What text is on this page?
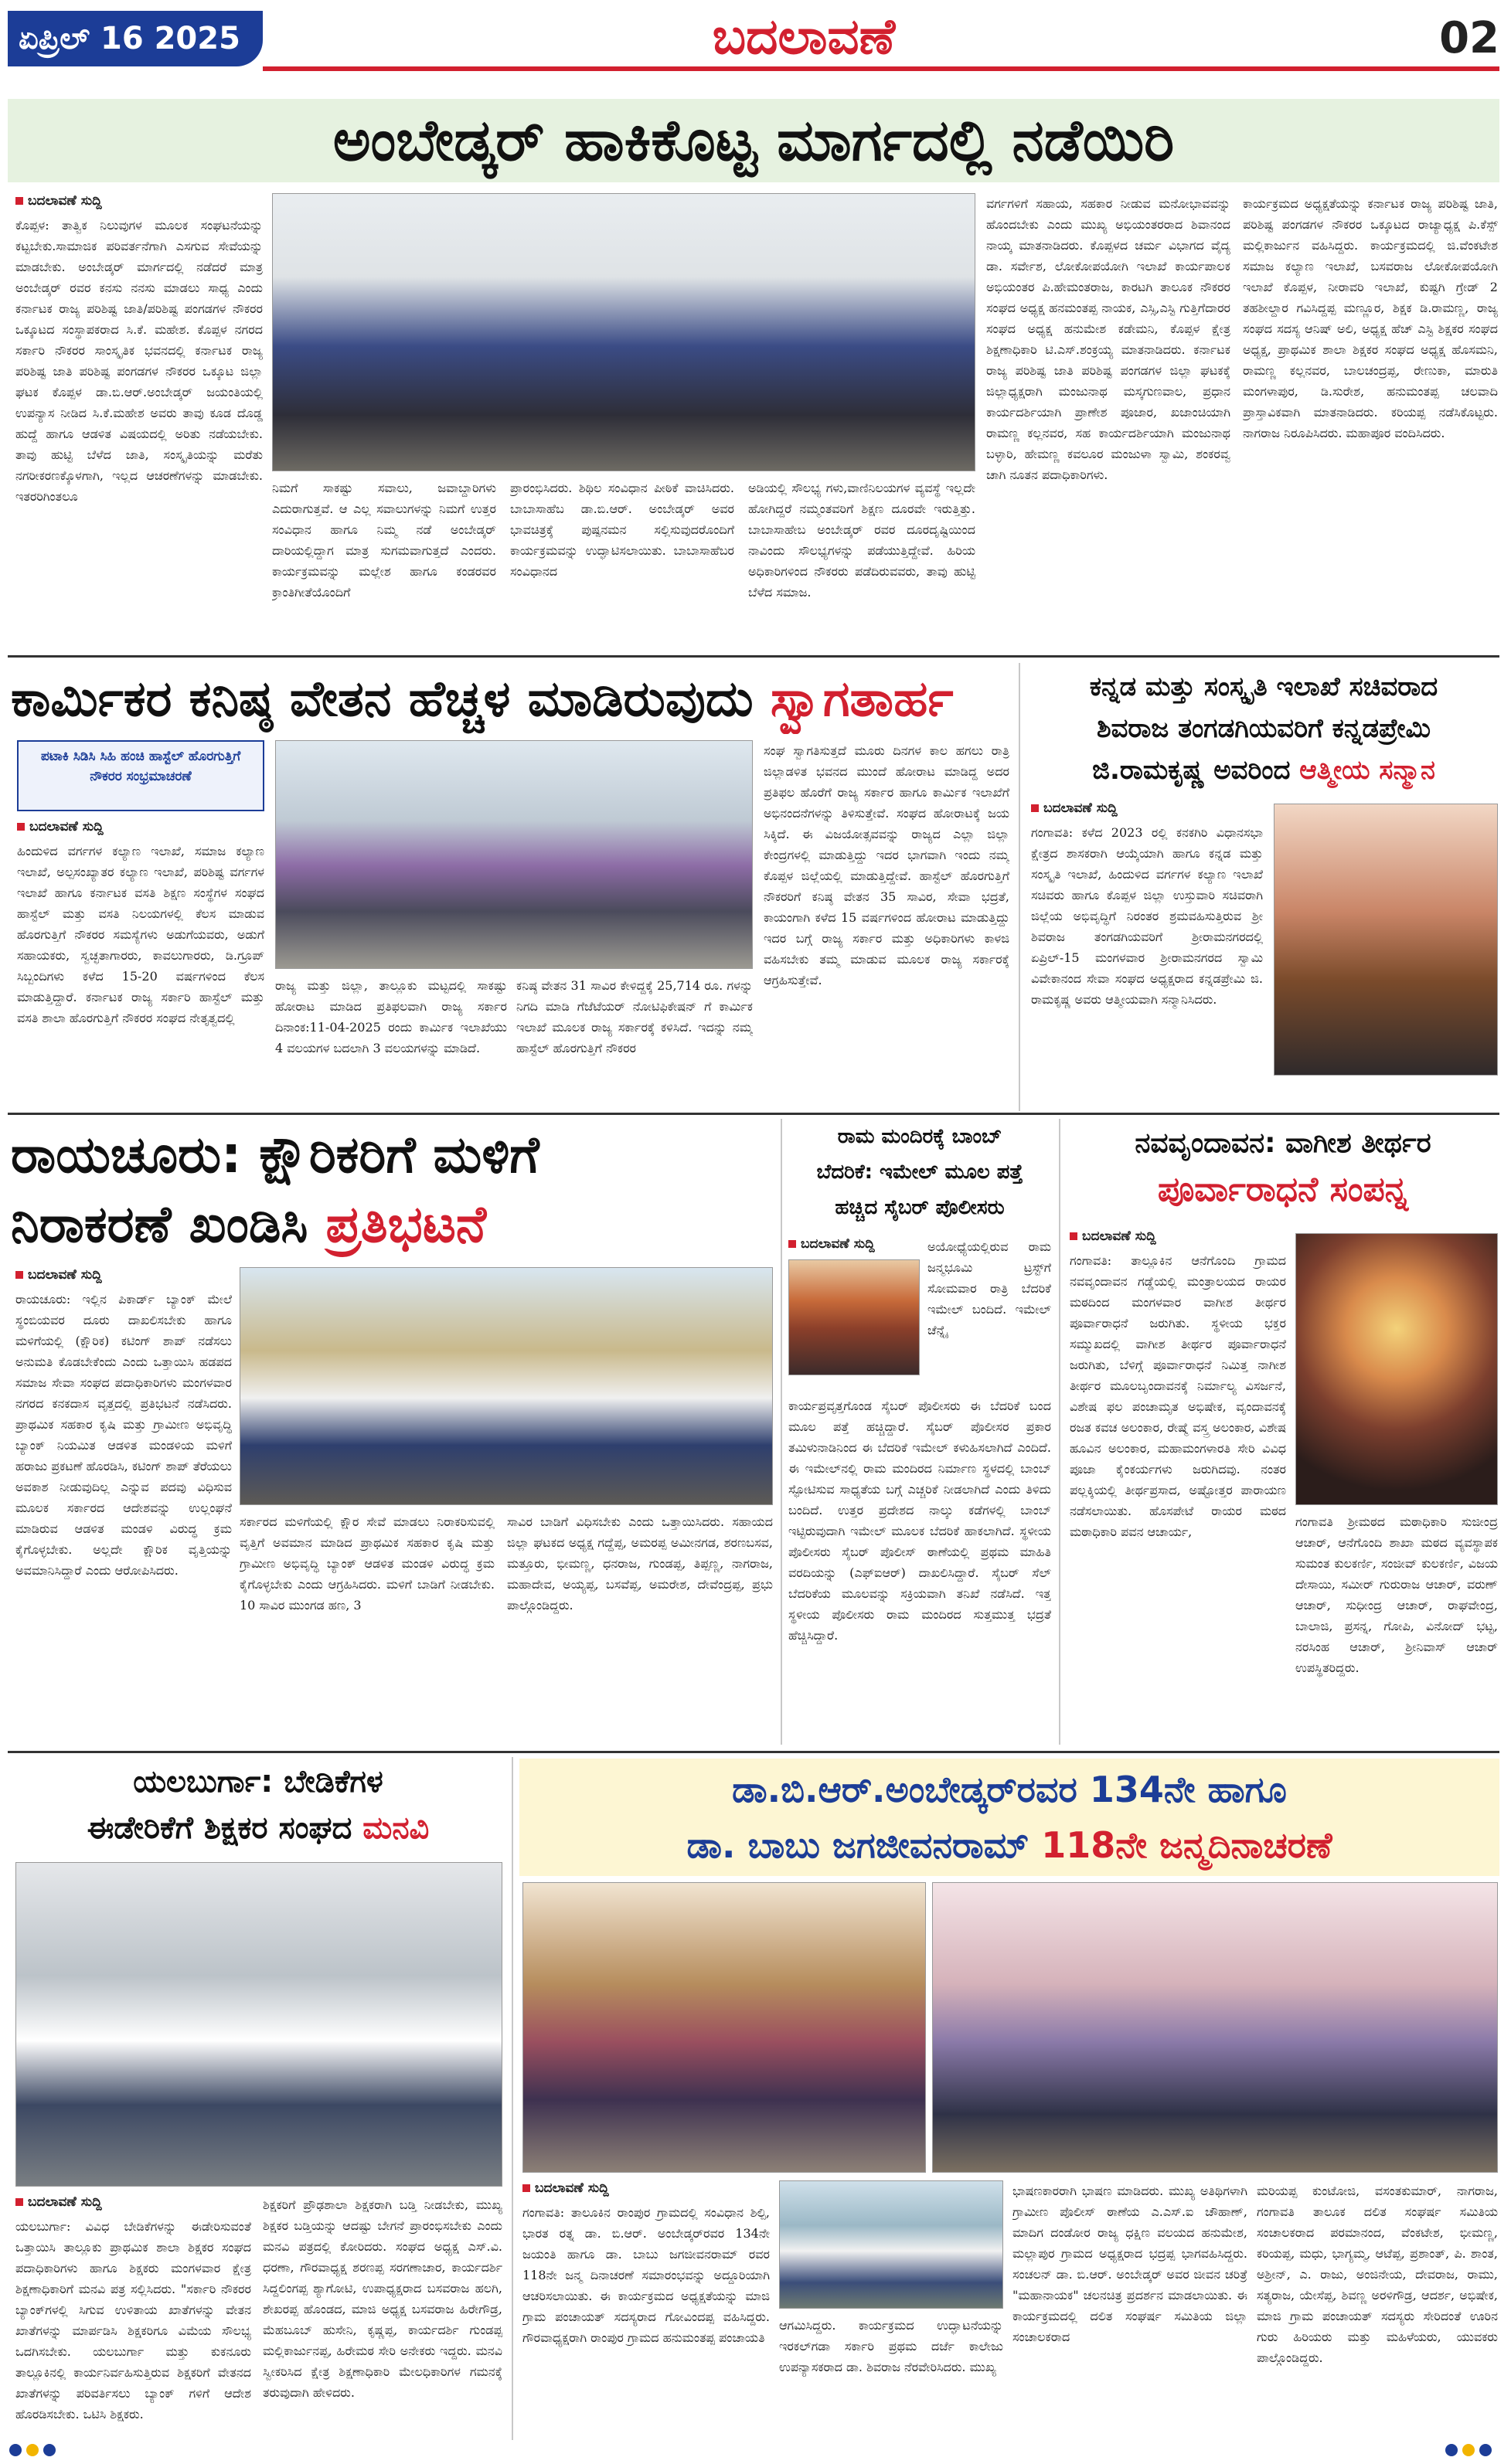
ಏಪ್ರಿಲ್ 16 2025	ಬದಲಾವಣೆ	02
ಅಂಬೇಡ್ಕರ್ ಹಾಕಿಕೊಟ್ಟ ಮಾರ್ಗದಲ್ಲಿ ನಡೆಯಿರಿ
ಬದಲಾವಣೆ ಸುದ್ದಿ
ಕೊಪ್ಪಳ: ತಾತ್ವಿಕ ನಿಲುವುಗಳ ಮೂಲಕ ಸಂಘಟನೆಯನ್ನು ಕಟ್ಟಬೇಕು.ಸಾಮಾಜಿಕ ಪರಿವರ್ತನೆಗಾಗಿ ಎಸಗುವ ಸೇವೆಯನ್ನು ಮಾಡಬೇಕು. ಅಂಬೇಡ್ಕರ್ ಮಾರ್ಗದಲ್ಲಿ ನಡೆದರೆ ಮಾತ್ರ ಅಂಬೇಡ್ಕರ್ ರವರ ಕನಸು ನನಸು ಮಾಡಲು ಸಾಧ್ಯ ಎಂದು ಕರ್ನಾಟಕ ರಾಜ್ಯ ಪರಿಶಿಷ್ಟ ಜಾತಿ/ಪರಿಶಿಷ್ಟ ಪಂಗಡಗಳ ನೌಕರರ ಒಕ್ಕೂಟದ ಸಂಸ್ಥಾಪಕರಾದ ಸಿ.ಕೆ. ಮಹೇಶ. ಕೊಪ್ಪಳ ನಗರದ ಸರ್ಕಾರಿ ನೌಕರರ ಸಾಂಸ್ಕೃತಿಕ ಭವನದಲ್ಲಿ ಕರ್ನಾಟಕ ರಾಜ್ಯ ಪರಿಶಿಷ್ಟ ಜಾತಿ ಪರಿಶಿಷ್ಟ ಪಂಗಡಗಳ ನೌಕರರ ಒಕ್ಕೂಟ ಜಿಲ್ಲಾ ಘಟಕ ಕೊಪ್ಪಳ ಡಾ.ಬಿ.ಆರ್.ಅಂಬೇಡ್ಕರ್ ಜಯಂತಿಯಲ್ಲಿ ಉಪನ್ಯಾಸ ನೀಡಿದ ಸಿ.ಕೆ.ಮಹೇಶ ಅವರು ತಾವು ಕೂಡ ದೊಡ್ಡ ಹುದ್ದೆ ಹಾಗೂ ಆಡಳಿತ ವಿಷಯದಲ್ಲಿ ಅರಿತು ನಡೆಯಬೇಕು. ತಾವು ಹುಟ್ಟಿ ಬೆಳೆದ ಜಾತಿ, ಸಂಸ್ಕೃತಿಯನ್ನು ಮರೆತು ನಗರೀಕರಣಕ್ಕೊಳಗಾಗಿ, ಇಲ್ಲದ ಆಚರಣೆಗಳನ್ನು ಮಾಡಬೇಕು. ಇತರರಿಗಿಂತಲೂ
ನಿಮಗೆ ಸಾಕಷ್ಟು ಸವಾಲು, ಜವಾಬ್ದಾರಿಗಳು ಎದುರಾಗುತ್ತವೆ. ಆ ಎಲ್ಲ ಸವಾಲುಗಳನ್ನು ನಿಮಗೆ ಉತ್ತರ ಸಂವಿಧಾನ ಹಾಗೂ ನಿಮ್ಮ ನಡೆ ಅಂಬೇಡ್ಕರ್ ದಾರಿಯಲ್ಲಿದ್ದಾಗ ಮಾತ್ರ ಸುಗಮವಾಗುತ್ತದೆ ಎಂದರು. ಕಾರ್ಯಕ್ರಮವನ್ನು ಮಲ್ಲೇಶ ಹಾಗೂ ಕಂಡರವರ ಕ್ರಾಂತಿಗೀತೆಯೊಂದಿಗೆ
ಪ್ರಾರಂಭಿಸಿದರು. ಶಿಥಿಲ ಸಂವಿಧಾನ ಪೀಠಿಕೆ ವಾಚಿಸಿದರು. ಬಾಬಾಸಾಹೆಬ ಡಾ.ಬಿ.ಆರ್. ಅಂಬೇಡ್ಕರ್ ಅವರ ಭಾವಚಿತ್ರಕ್ಕೆ ಪುಷ್ಪನಮನ ಸಲ್ಲಿಸುವುದರೊಂದಿಗೆ ಕಾರ್ಯಕ್ರಮವನ್ನು ಉದ್ಘಾಟಿಸಲಾಯಿತು. ಬಾಬಾಸಾಹೆಬರ ಸಂವಿಧಾನದ
ಅಡಿಯಲ್ಲಿ ಸೌಲಭ್ಯ ಗಳು,ವಾಣಿನಿಲಯಗಳ ವ್ಯವಸ್ಥೆ ಇಲ್ಲದೇ ಹೋಗಿದ್ದರೆ ನಮ್ಮಂತವರಿಗೆ ಶಿಕ್ಷಣ ದೂರವೇ ಇರುತ್ತಿತ್ತು. ಬಾಬಾಸಾಹೇಬ ಅಂಬೇಡ್ಕರ್ ರವರ ದೂರದೃಷ್ಟಿಯಿಂದ ನಾವಿಂದು ಸೌಲಭ್ಯಗಳನ್ನು ಪಡೆಯುತ್ತಿದ್ದೇವೆ. ಹಿರಿಯ ಅಧಿಕಾರಿಗಳಿಂದ ನೌಕರರು ಪಡೆದಿರುವವರು, ತಾವು ಹುಟ್ಟಿ ಬೆಳೆದ ಸಮಾಜ.
ವರ್ಗಗಳಿಗೆ ಸಹಾಯ, ಸಹಕಾರ ನೀಡುವ ಮನೋಭಾವವನ್ನು ಹೊಂದಬೇಕು ಎಂದು ಮುಖ್ಯ ಅಭಿಯಂತರರಾದ ಶಿವಾನಂದ ನಾಯ್ಕ ಮಾತನಾಡಿದರು. ಕೊಪ್ಪಳದ ಚರ್ಮ ವಿಭಾಗದ ವೈದ್ಯ ಡಾ. ಸರ್ವೇಶ, ಲೋಕೋಪಯೋಗಿ ಇಲಾಖೆ ಕಾರ್ಯಪಾಲಕ ಅಭಿಯಂತರ ಪಿ.ಹೇಮಂತರಾಜ, ಕಾರಟಗಿ ತಾಲೂಕ ನೌಕರರ ಸಂಘದ ಅಧ್ಯಕ್ಷ ಹನಮಂತಪ್ಪ ನಾಯಕ, ಎಸ್ಸಿ,ಎಸ್ಟಿ ಗುತ್ತಿಗೆದಾರರ ಸಂಘದ ಅಧ್ಯಕ್ಷ ಹನುಮೇಶ ಕಡೇಮನಿ, ಕೊಪ್ಪಳ ಕ್ಷೇತ್ರ ಶಿಕ್ಷಣಾಧಿಕಾರಿ ಟಿ.ಎಸ್.ಶಂಕ್ರಯ್ಯ ಮಾತನಾಡಿದರು. ಕರ್ನಾಟಕ ರಾಜ್ಯ ಪರಿಶಿಷ್ಟ ಜಾತಿ ಪರಿಶಿಷ್ಟ ಪಂಗಡಗಳ ಜಿಲ್ಲಾ ಘಟಕಕ್ಕೆ ಜಿಲ್ಲಾಧ್ಯಕ್ಷರಾಗಿ ಮಂಜುನಾಥ ಮಸ್ಕಗುಣವಾಲ, ಪ್ರಧಾನ ಕಾರ್ಯದರ್ಶಿಯಾಗಿ ಪ್ರಾಣೇಶ ಪೂಜಾರ, ಖಜಾಂಚಿಯಾಗಿ ರಾಮಣ್ಣ ಕಲ್ಲನವರ, ಸಹ ಕಾರ್ಯದರ್ಶಿಯಾಗಿ ಮಂಜುನಾಥ ಬಳ್ಳಾರಿ, ಹೇಮಣ್ಣ ಕವಲೂರ ಮಂಜುಳಾ ಸ್ವಾಮಿ, ಶಂಕರವ್ವ ಚಾಗಿ ನೂತನ ಪದಾಧಿಕಾರಿಗಳು.
ಕಾರ್ಯಕ್ರಮದ ಅಧ್ಯಕ್ಷತೆಯನ್ನು ಕರ್ನಾಟಕ ರಾಜ್ಯ ಪರಿಶಿಷ್ಟ ಜಾತಿ, ಪರಿಶಿಷ್ಟ ಪಂಗಡಗಳ ನೌಕರರ ಒಕ್ಕೂಟದ ರಾಜ್ಯಾಧ್ಯಕ್ಷ ಪಿ.ಕೆಸ್ಪ್ ಮಲ್ಲಿಕಾರ್ಜುನ ವಹಿಸಿದ್ದರು. ಕಾರ್ಯಕ್ರಮದಲ್ಲಿ ಜಿ.ವೆಂಕಟೇಶ ಸಮಾಜ ಕಲ್ಯಾಣ ಇಲಾಖೆ, ಬಸವರಾಜ ಲೋಕೋಪಯೋಗಿ ಇಲಾಖೆ ಕೊಪ್ಪಳ, ನೀರಾವರಿ ಇಲಾಖೆ, ಕುಷ್ಟಗಿ ಗ್ರೇಡ್ 2 ತಹಶೀಲ್ದಾರ ಗವಿಸಿದ್ದಪ್ಪ ಮಣ್ಣೂರ, ಶಿಕ್ಷಕ ಡಿ.ರಾಮಣ್ಣ, ರಾಜ್ಯ ಸಂಘದ ಸದಸ್ಯ ಆನಿಷ್ ಅಲಿ, ಅಧ್ಯಕ್ಷ ಹೆಚ್ ಎಸ್ಟಿ ಶಿಕ್ಷಕರ ಸಂಘದ ಅಧ್ಯಕ್ಷ, ಪ್ರಾಥಮಿಕ ಶಾಲಾ ಶಿಕ್ಷಕರ ಸಂಘದ ಅಧ್ಯಕ್ಷ ಹೊಸಮನಿ, ರಾಮಣ್ಣ ಕಲ್ಲನವರ, ಬಾಲಚಂದ್ರಪ್ಪ, ರೇಣುಕಾ, ಮಾರುತಿ ಮಂಗಳಾಪುರ, ಡಿ.ಸುರೇಶ, ಹನುಮಂತಪ್ಪ ಚಲವಾದಿ ಪ್ರಾಸ್ತಾವಿಕವಾಗಿ ಮಾತನಾಡಿದರು. ಕರಿಯಪ್ಪ ನಡೆಸಿಕೊಟ್ಟರು. ನಾಗರಾಜ ನಿರೂಪಿಸಿದರು. ಮಹಾಪೂರ ವಂದಿಸಿದರು.
ಕಾರ್ಮಿಕರ ಕನಿಷ್ಠ ವೇತನ ಹೆಚ್ಚಳ ಮಾಡಿರುವುದು ಸ್ವಾಗತಾರ್ಹ
ಪಟಾಕಿ ಸಿಡಿಸಿ ಸಿಹಿ ಹಂಚಿ ಹಾಸ್ಟೆಲ್ ಹೊರಗುತ್ತಿಗೆ ನೌಕರರ ಸಂಭ್ರಮಾಚರಣೆ
ಬದಲಾವಣೆ ಸುದ್ದಿ
ಹಿಂದುಳಿದ ವರ್ಗಗಳ ಕಲ್ಯಾಣ ಇಲಾಖೆ, ಸಮಾಜ ಕಲ್ಯಾಣ ಇಲಾಖೆ, ಅಲ್ಪಸಂಖ್ಯಾತರ ಕಲ್ಯಾಣ ಇಲಾಖೆ, ಪರಿಶಿಷ್ಟ ವರ್ಗಗಳ ಇಲಾಖೆ ಹಾಗೂ ಕರ್ನಾಟಕ ವಸತಿ ಶಿಕ್ಷಣ ಸಂಸ್ಥೆಗಳ ಸಂಘದ ಹಾಸ್ಟೆಲ್ ಮತ್ತು ವಸತಿ ನಿಲಯಗಳಲ್ಲಿ ಕೆಲಸ ಮಾಡುವ ಹೊರಗುತ್ತಿಗೆ ನೌಕರರ ಸಮಸ್ಯೆಗಳು ಅಡುಗೆಯವರು, ಅಡುಗೆ ಸಹಾಯಕರು, ಸ್ವಚ್ಛತಾಗಾರರು, ಕಾವಲುಗಾರರು, ಡಿ.ಗ್ರೂಪ್ ಸಿಬ್ಬಂದಿಗಳು ಕಳೆದ 15-20 ವರ್ಷಗಳಿಂದ ಕೆಲಸ ಮಾಡುತ್ತಿದ್ದಾರೆ. ಕರ್ನಾಟಕ ರಾಜ್ಯ ಸರ್ಕಾರಿ ಹಾಸ್ಟೆಲ್ ಮತ್ತು ವಸತಿ ಶಾಲಾ ಹೊರಗುತ್ತಿಗೆ ನೌಕರರ ಸಂಘದ ನೇತೃತ್ವದಲ್ಲಿ
ರಾಜ್ಯ ಮತ್ತು ಜಿಲ್ಲಾ, ತಾಲ್ಲೂಕು ಮಟ್ಟದಲ್ಲಿ ಸಾಕಷ್ಟು ಹೋರಾಟ ಮಾಡಿದ ಪ್ರತಿಫಲವಾಗಿ ರಾಜ್ಯ ಸರ್ಕಾರ ದಿನಾಂಕ:11-04-2025 ರಂದು ಕಾರ್ಮಿಕ ಇಲಾಖೆಯು 4 ವಲಯಗಳ ಬದಲಾಗಿ 3 ವಲಯಗಳನ್ನು ಮಾಡಿದೆ.
ಕನಿಷ್ಠ ವೇತನ 31 ಸಾವಿರ ಕೇಳಿದ್ದಕ್ಕೆ 25,714 ರೂ. ಗಳನ್ನು ನಿಗದಿ ಮಾಡಿ ಗೆಜೆಟೆಯರ್ ನೋಟಿಫಿಕೇಷನ್ ಗೆ ಕಾರ್ಮಿಕ ಇಲಾಖೆ ಮೂಲಕ ರಾಜ್ಯ ಸರ್ಕಾರಕ್ಕೆ ಕಳಿಸಿದೆ. ಇದನ್ನು ನಮ್ಮ ಹಾಸ್ಟೆಲ್ ಹೊರಗುತ್ತಿಗೆ ನೌಕರರ
ಸಂಘ ಸ್ವಾಗತಿಸುತ್ತದೆ ಮೂರು ದಿನಗಳ ಕಾಲ ಹಗಲು ರಾತ್ರಿ ಜಿಲ್ಲಾಡಳಿತ ಭವನದ ಮುಂದೆ ಹೋರಾಟ ಮಾಡಿದ್ದ ಅದರ ಪ್ರತಿಫಲ ಹೊರೆಗೆ ರಾಜ್ಯ ಸರ್ಕಾರ ಹಾಗೂ ಕಾರ್ಮಿಕ ಇಲಾಖೆಗೆ ಅಭಿನಂದನೆಗಳನ್ನು ತಿಳಿಸುತ್ತೇವೆ. ಸಂಘದ ಹೋರಾಟಕ್ಕೆ ಜಯ ಸಿಕ್ಕಿದೆ. ಈ ವಿಜಯೋತ್ಸವವನ್ನು ರಾಜ್ಯದ ಎಲ್ಲಾ ಜಿಲ್ಲಾ ಕೇಂದ್ರಗಳಲ್ಲಿ ಮಾಡುತ್ತಿದ್ದು ಇದರ ಭಾಗವಾಗಿ ಇಂದು ನಮ್ಮ ಕೊಪ್ಪಳ ಜಿಲ್ಲೆಯಲ್ಲಿ ಮಾಡುತ್ತಿದ್ದೇವೆ. ಹಾಸ್ಟೆಲ್ ಹೊರಗುತ್ತಿಗೆ ನೌಕರರಿಗೆ ಕನಿಷ್ಠ ವೇತನ 35 ಸಾವಿರ, ಸೇವಾ ಭದ್ರತೆ, ಕಾಯಂಗಾಗಿ ಕಳೆದ 15 ವರ್ಷಗಳಿಂದ ಹೋರಾಟ ಮಾಡುತ್ತಿದ್ದು ಇದರ ಬಗ್ಗೆ ರಾಜ್ಯ ಸರ್ಕಾರ ಮತ್ತು ಅಧಿಕಾರಿಗಳು ಕಾಳಜಿ ವಹಿಸಬೇಕು ತಮ್ಮ ಮಾಡುವ ಮೂಲಕ ರಾಜ್ಯ ಸರ್ಕಾರಕ್ಕೆ ಆಗ್ರಹಿಸುತ್ತೇವೆ.
ಕನ್ನಡ ಮತ್ತು ಸಂಸ್ಕೃತಿ ಇಲಾಖೆ ಸಚಿವರಾದ
ಶಿವರಾಜ ತಂಗಡಗಿಯವರಿಗೆ ಕನ್ನಡಪ್ರೇಮಿ
ಜಿ.ರಾಮಕೃಷ್ಣ ಅವರಿಂದ ಆತ್ಮೀಯ ಸನ್ಮಾನ
ಬದಲಾವಣೆ ಸುದ್ದಿ
ಗಂಗಾವತಿ: ಕಳೆದ 2023 ರಲ್ಲಿ ಕನಕಗಿರಿ ವಿಧಾನಸಭಾ ಕ್ಷೇತ್ರದ ಶಾಸಕರಾಗಿ ಆಯ್ಕೆಯಾಗಿ ಹಾಗೂ ಕನ್ನಡ ಮತ್ತು ಸಂಸ್ಕೃತಿ ಇಲಾಖೆ, ಹಿಂದುಳಿದ ವರ್ಗಗಳ ಕಲ್ಯಾಣ ಇಲಾಖೆ ಸಚಿವರು ಹಾಗೂ ಕೊಪ್ಪಳ ಜಿಲ್ಲಾ ಉಸ್ತುವಾರಿ ಸಚಿವರಾಗಿ ಜಿಲ್ಲೆಯ ಅಭಿವೃದ್ಧಿಗೆ ನಿರಂತರ ಶ್ರಮವಹಿಸುತ್ತಿರುವ ಶ್ರೀ ಶಿವರಾಜ ತಂಗಡಗಿಯವರಿಗೆ ಶ್ರೀರಾಮನಗರದಲ್ಲಿ ಏಪ್ರಿಲ್-15 ಮಂಗಳವಾರ ಶ್ರೀರಾಮನಗರದ ಸ್ವಾಮಿ ವಿವೇಕಾನಂದ ಸೇವಾ ಸಂಘದ ಅಧ್ಯಕ್ಷರಾದ ಕನ್ನಡಪ್ರೇಮಿ ಜಿ. ರಾಮಕೃಷ್ಣ ಅವರು ಆತ್ಮೀಯವಾಗಿ ಸನ್ಮಾನಿಸಿದರು.
ರಾಯಚೂರು: ಕ್ಷೌರಿಕರಿಗೆ ಮಳಿಗೆ
ನಿರಾಕರಣೆ ಖಂಡಿಸಿ ಪ್ರತಿಭಟನೆ
ಬದಲಾವಣೆ ಸುದ್ದಿ
ರಾಯಚೂರು: ಇಲ್ಲಿನ ಪಿಕಾರ್ಡ್ ಬ್ಯಾಂಕ್ ಮೇಲೆ ಸ್ಥಂಬಿಯವರ ದೂರು ದಾಖಲಿಸಬೇಕು ಹಾಗೂ ಮಳಿಗೆಯಲ್ಲಿ (ಕ್ಷೌರಿಕ) ಕಟಿಂಗ್ ಶಾಪ್ ನಡೆಸಲು ಅನುಮತಿ ಕೊಡಬೇಕೆಂದು ಎಂದು ಒತ್ತಾಯಿಸಿ ಹಡಪದ ಸಮಾಜ ಸೇವಾ ಸಂಘದ ಪದಾಧಿಕಾರಿಗಳು ಮಂಗಳವಾರ ನಗರದ ಕನಕದಾಸ ವೃತ್ತದಲ್ಲಿ ಪ್ರತಿಭಟನೆ ನಡೆಸಿದರು. ಪ್ರಾಥಮಿಕ ಸಹಕಾರ ಕೃಷಿ ಮತ್ತು ಗ್ರಾಮೀಣ ಅಭಿವೃದ್ಧಿ ಬ್ಯಾಂಕ್ ನಿಯಮಿತ ಆಡಳಿತ ಮಂಡಳಿಯ ಮಳಿಗೆ ಹರಾಜು ಪ್ರಕಟಣೆ ಹೊರಡಿಸಿ, ಕಟಿಂಗ್ ಶಾಪ್ ತೆರೆಯಲು ಅವಕಾಶ ನೀಡುವುದಿಲ್ಲ ಎನ್ನುವ ಪದವು ವಿಧಿಸುವ ಮೂಲಕ ಸರ್ಕಾರದ ಆದೇಶವನ್ನು ಉಲ್ಲಂಘನೆ ಮಾಡಿರುವ ಆಡಳಿತ ಮಂಡಳಿ ವಿರುದ್ಧ ಕ್ರಮ ಕೈಗೊಳ್ಳಬೇಕು. ಅಲ್ಲದೇ ಕ್ಷೌರಿಕ ವೃತ್ತಿಯನ್ನು ಅವಮಾನಿಸಿದ್ದಾರೆ ಎಂದು ಆರೋಪಿಸಿದರು.
ಸರ್ಕಾರದ ಮಳಿಗೆಯಲ್ಲಿ ಕ್ಷೌರ ಸೇವೆ ಮಾಡಲು ನಿರಾಕರಿಸುವಲ್ಲಿ ವೃತ್ತಿಗೆ ಅವಮಾನ ಮಾಡಿದ ಪ್ರಾಥಮಿಕ ಸಹಕಾರ ಕೃಷಿ ಮತ್ತು ಗ್ರಾಮೀಣ ಅಭಿವೃದ್ಧಿ ಬ್ಯಾಂಕ್ ಆಡಳಿತ ಮಂಡಳಿ ವಿರುದ್ಧ ಕ್ರಮ ಕೈಗೊಳ್ಳಬೇಕು ಎಂದು ಆಗ್ರಹಿಸಿದರು. ಮಳಿಗೆ ಬಾಡಿಗೆ ನೀಡಬೇಕು. 10 ಸಾವಿರ ಮುಂಗಡ ಹಣ, 3
ಸಾವಿರ ಬಾಡಿಗೆ ವಿಧಿಸಬೇಕು ಎಂದು ಒತ್ತಾಯಿಸಿದರು. ಸಹಾಯದ ಜಿಲ್ಲಾ ಘಟಕದ ಅಧ್ಯಕ್ಷ ಗದ್ದೆಪ್ಪ, ಅಮರಪ್ಪ ಅಮೀನಗಡ, ಶರಣಬಸವ, ಮತ್ತೂರು, ಭೀಮಣ್ಣ, ಧನರಾಜ, ಗುಂಡಪ್ಪ, ತಿಪ್ಪಣ್ಣ, ನಾಗರಾಜ, ಮಹಾದೇವ, ಅಯ್ಯಪ್ಪ, ಬಸವೆಪ್ಪ, ಅಮರೇಶ, ದೇವೆಂದ್ರಪ್ಪ, ಪ್ರಭು ಪಾಲ್ಗೊಂಡಿದ್ದರು.
ರಾಮ ಮಂದಿರಕ್ಕೆ ಬಾಂಬ್
ಬೆದರಿಕೆ: ಇಮೇಲ್ ಮೂಲ ಪತ್ತೆ
ಹಚ್ಚಿದ ಸೈಬರ್ ಪೊಲೀಸರು
ಬದಲಾವಣೆ ಸುದ್ದಿ	ಅಯೋಧ್ಯೆಯಲ್ಲಿರುವ ರಾಮ ಜನ್ಮಭೂಮಿ ಟ್ರಸ್ಟ್‌ಗೆ ಸೋಮವಾರ ರಾತ್ರಿ ಬೆದರಿಕೆ ಇಮೇಲ್ ಬಂದಿದೆ. ಇಮೇಲ್ ಚೆನ್ನೈ
ಕಾರ್ಯಪ್ರವೃತ್ತಗೊಂಡ ಸೈಬರ್ ಪೊಲೀಸರು ಈ ಬೆದರಿಕೆ ಬಂದ ಮೂಲ ಪತ್ತೆ ಹಚ್ಚಿದ್ದಾರೆ. ಸೈಬರ್ ಪೊಲೀಸರ ಪ್ರಕಾರ ತಮಿಳುನಾಡಿನಿಂದ ಈ ಬೆದರಿಕೆ ಇಮೇಲ್ ಕಳುಹಿಸಲಾಗಿದೆ ಎಂದಿದೆ. ಈ ಇಮೇಲ್‌ನಲ್ಲಿ ರಾಮ ಮಂದಿರದ ನಿರ್ಮಾಣ ಸ್ಥಳದಲ್ಲಿ ಬಾಂಬ್ ಸ್ಫೋಟಿಸುವ ಸಾಧ್ಯತೆಯ ಬಗ್ಗೆ ಎಚ್ಚರಿಕೆ ನೀಡಲಾಗಿದೆ ಎಂದು ತಿಳಿದು ಬಂದಿದೆ. ಉತ್ತರ ಪ್ರದೇಶದ ನಾಲ್ಕು ಕಡೆಗಳಲ್ಲಿ ಬಾಂಬ್ ಇಟ್ಟಿರುವುದಾಗಿ ಇಮೇಲ್ ಮೂಲಕ ಬೆದರಿಕೆ ಹಾಕಲಾಗಿದೆ. ಸ್ಥಳೀಯ ಪೊಲೀಸರು ಸೈಬರ್ ಪೊಲೀಸ್ ಠಾಣೆಯಲ್ಲಿ ಪ್ರಥಮ ಮಾಹಿತಿ ವರದಿಯನ್ನು (ಎಫ್ಐಆರ್) ದಾಖಲಿಸಿದ್ದಾರೆ. ಸೈಬರ್ ಸೆಲ್ ಬೆದರಿಕೆಯ ಮೂಲವನ್ನು ಸಕ್ರಿಯವಾಗಿ ತನಿಖೆ ನಡೆಸಿದೆ. ಇತ್ತ ಸ್ಥಳೀಯ ಪೊಲೀಸರು ರಾಮ ಮಂದಿರದ ಸುತ್ತಮುತ್ತ ಭದ್ರತೆ ಹೆಚ್ಚಿಸಿದ್ದಾರೆ.
ನವವೃಂದಾವನ: ವಾಗೀಶ ತೀರ್ಥರ
ಪೂರ್ವಾರಾಧನೆ ಸಂಪನ್ನ
ಬದಲಾವಣೆ ಸುದ್ದಿ
ಗಂಗಾವತಿ: ತಾಲ್ಲೂಕಿನ ಆನೆಗೊಂದಿ ಗ್ರಾಮದ ನವವೃಂದಾವನ ಗಡ್ಡೆಯಲ್ಲಿ ಮಂತ್ರಾಲಯದ ರಾಯರ ಮಠದಿಂದ ಮಂಗಳವಾರ ವಾಗೀಶ ತೀರ್ಥರ ಪೂರ್ವಾರಾಧನೆ ಜರುಗಿತು. ಸ್ಥಳೀಯ ಭಕ್ತರ ಸಮ್ಮುಖದಲ್ಲಿ ವಾಗೀಶ ತೀರ್ಥರ ಪೂರ್ವಾರಾಧನೆ ಜರುಗಿತು, ಬೆಳಿಗ್ಗೆ ಪೂರ್ವಾರಾಧನೆ ನಿಮಿತ್ತ ನಾಗೀಶ ತೀರ್ಥರ ಮೂಲಬೃಂದಾವನಕ್ಕೆ ನಿರ್ಮಾಲ್ಯ ವಿಸರ್ಜನೆ, ವಿಶೇಷ ಫಲ ಪಂಚಾಮೃತ ಅಭಿಷೇಕ, ವೃಂದಾವನಕ್ಕೆ ರಜತ ಕವಚ ಅಲಂಕಾರ, ರೇಷ್ಮೆ ವಸ್ತ್ರ ಅಲಂಕಾರ, ವಿಶೇಷ ಹೂವಿನ ಅಲಂಕಾರ, ಮಹಾಮಂಗಳಾರತಿ ಸೇರಿ ವಿವಿಧ ಪೂಜಾ ಕೈಂಕರ್ಯಗಳು ಜರುಗಿದವು. ನಂತರ ಪಲ್ಲಕ್ಕಿಯಲ್ಲಿ ತೀರ್ಥಪ್ರಸಾದ, ಅಷ್ಟೋತ್ತರ ಪಾರಾಯಣ ನಡೆಸಲಾಯಿತು. ಹೊಸಪೇಟೆ ರಾಯರ ಮಠದ ಮಠಾಧಿಕಾರಿ ಪವನ ಆಚಾರ್ಯ,
ಗಂಗಾವತಿ ಶ್ರೀಮಠದ ಮಠಾಧಿಕಾರಿ ಸುಜೀಂದ್ರ ಆಚಾರ್, ಆನೆಗೊಂದಿ ಶಾಖಾ ಮಠದ ವ್ಯವಸ್ಥಾಪಕ ಸುಮಂತ ಕುಲಕರ್ಣಿ, ಸಂಜೀವ್ ಕುಲಕರ್ಣಿ, ವಿಜಯ ದೇಸಾಯಿ, ಸಮೀರ್ ಗುರುರಾಜ ಆಚಾರ್, ವರುಣ್ ಆಚಾರ್, ಸುಧೀಂದ್ರ ಆಚಾರ್, ರಾಘವೇಂದ್ರ, ಬಾಲಾಜಿ, ಪ್ರಸನ್ನ, ಗೋಪಿ, ವಿನೋದ್ ಭಟ್ಟ, ನರಸಿಂಹ ಆಚಾರ್, ಶ್ರೀನಿವಾಸ್ ಆಚಾರ್ ಉಪಸ್ಥಿತರಿದ್ದರು.
ಯಲಬುರ್ಗಾ: ಬೇಡಿಕೆಗಳ
ಈಡೇರಿಕೆಗೆ ಶಿಕ್ಷಕರ ಸಂಘದ ಮನವಿ
ಬದಲಾವಣೆ ಸುದ್ದಿ
ಯಲಬುರ್ಗಾ: ವಿವಿಧ ಬೇಡಿಕೆಗಳನ್ನು ಈಡೇರಿಸುವಂತೆ ಒತ್ತಾಯಿಸಿ ತಾಲ್ಲೂಕು ಪ್ರಾಥಮಿಕ ಶಾಲಾ ಶಿಕ್ಷಕರ ಸಂಘದ ಪದಾಧಿಕಾರಿಗಳು ಹಾಗೂ ಶಿಕ್ಷಕರು ಮಂಗಳವಾರ ಕ್ಷೇತ್ರ ಶಿಕ್ಷಣಾಧಿಕಾರಿಗೆ ಮನವಿ ಪತ್ರ ಸಲ್ಲಿಸಿದರು. "ಸರ್ಕಾರಿ ನೌಕರರ ಬ್ಯಾಂಕ್‌ಗಳಲ್ಲಿ ಸಿಗುವ ಉಳಿತಾಯ ಖಾತೆಗಳನ್ನು ವೇತನ ಖಾತೆಗಳನ್ನು ಮಾರ್ಪಡಿಸಿ ಶಿಕ್ಷಕರಿಗೂ ವಿಮೆಯ ಸೌಲಭ್ಯ ಒದಗಿಸಬೇಕು. ಯಲಬುರ್ಗಾ ಮತ್ತು ಕುಕನೂರು ತಾಲ್ಲೂಕಿನಲ್ಲಿ ಕಾರ್ಯನಿರ್ವಹಿಸುತ್ತಿರುವ ಶಿಕ್ಷಕರಿಗೆ ವೇತನದ ಖಾತೆಗಳನ್ನು ಪರಿವರ್ತಿಸಲು ಬ್ಯಾಂಕ್ ಗಳಿಗೆ ಆದೇಶ ಹೊರಡಿಸಬೇಕು. ಒಟಿಸಿ ಶಿಕ್ಷಕರು.
ಶಿಕ್ಷಕರಿಗೆ ಪ್ರೌಢಶಾಲಾ ಶಿಕ್ಷಕರಾಗಿ ಬಡ್ತಿ ನೀಡಬೇಕು, ಮುಖ್ಯ ಶಿಕ್ಷಕರ ಬಡ್ತಿಯನ್ನು ಆದಷ್ಟು ಬೇಗನೆ ಪ್ರಾರಂಭಿಸಬೇಕು ಎಂದು ಮನವಿ ಪತ್ರದಲ್ಲಿ ಕೋರಿದರು. ಸಂಘದ ಅಧ್ಯಕ್ಷ ಎಸ್.ವಿ. ಧರಣಾ, ಗೌರವಾಧ್ಯಕ್ಷ ಶರಣಪ್ಪ ಸರಗಣಾಚಾರ, ಕಾರ್ಯದರ್ಶಿ ಸಿದ್ದಲಿಂಗಪ್ಪ ಶ್ಯಾಗೋಟಿ, ಉಪಾಧ್ಯಕ್ಷರಾದ ಬಸವರಾಜ ಹಲಗಿ, ಶೇಖರಪ್ಪ ಹೊಂಡದ, ಮಾಜಿ ಅಧ್ಯಕ್ಷ ಬಸವರಾಜ ಹಿರೇಗೌಡ್ರ, ಮೆಹಬೂಬ್ ಹುಸೇನಿ, ಕೃಷ್ಣಪ್ಪ, ಕಾರ್ಯದರ್ಶಿ ಗುಂಡಪ್ಪ ಮಲ್ಲಿಕಾರ್ಜುನಪ್ಪ, ಹಿರೇಮಠ ಸೇರಿ ಅನೇಕರು ಇದ್ದರು. ಮನವಿ ಸ್ವೀಕರಿಸಿದ ಕ್ಷೇತ್ರ ಶಿಕ್ಷಣಾಧಿಕಾರಿ ಮೇಲಧಿಕಾರಿಗಳ ಗಮನಕ್ಕೆ ತರುವುದಾಗಿ ಹೇಳಿದರು.
ಡಾ.ಬಿ.ಆರ್.ಅಂಬೇಡ್ಕರ್‌ರವರ 134ನೇ ಹಾಗೂ
ಡಾ. ಬಾಬು ಜಗಜೀವನರಾಮ್ 118ನೇ ಜನ್ಮದಿನಾಚರಣೆ
ಬದಲಾವಣೆ ಸುದ್ದಿ
ಗಂಗಾವತಿ: ತಾಲೂಕಿನ ರಾಂಪುರ ಗ್ರಾಮದಲ್ಲಿ ಸಂವಿಧಾನ ಶಿಲ್ಪಿ, ಭಾರತ ರತ್ನ ಡಾ. ಬಿ.ಆರ್. ಅಂಬೇಡ್ಕರ್‌ರವರ 134ನೇ ಜಯಂತಿ ಹಾಗೂ ಡಾ. ಬಾಬು ಜಗಜೀವನರಾಮ್ ರವರ 118ನೇ ಜನ್ಮ ದಿನಾಚರಣೆ ಸಮಾರಂಭವನ್ನು ಅದ್ದೂರಿಯಾಗಿ ಆಚರಿಸಲಾಯಿತು. ಈ ಕಾರ್ಯಕ್ರಮದ ಅಧ್ಯಕ್ಷತೆಯನ್ನು ಮಾಜಿ ಗ್ರಾಮ ಪಂಚಾಯತ್ ಸದಸ್ಯರಾದ ಗೋವಿಂದಪ್ಪ ವಹಿಸಿದ್ದರು. ಗೌರವಾಧ್ಯಕ್ಷರಾಗಿ ರಾಂಪುರ ಗ್ರಾಮದ ಹನುಮಂತಪ್ಪ ಪಂಚಾಯತಿ
ಆಗಮಿಸಿದ್ದರು. ಕಾರ್ಯಕ್ರಮದ ಉದ್ಘಾಟನೆಯನ್ನು ಇರಕಲ್‌ಗಡಾ ಸರ್ಕಾರಿ ಪ್ರಥಮ ದರ್ಜೆ ಕಾಲೇಜು ಉಪನ್ಯಾಸಕರಾದ ಡಾ. ಶಿವರಾಜ ನೆರವೇರಿಸಿದರು. ಮುಖ್ಯ
ಭಾಷಣಕಾರರಾಗಿ ಭಾಷಣ ಮಾಡಿದರು. ಮುಖ್ಯ ಅತಿಥಿಗಳಾಗಿ ಗ್ರಾಮೀಣ ಪೊಲೀಸ್ ಠಾಣೆಯ ಎ.ಎಸ್.ಐ ಚೌಹಾಣ್, ಮಾದಿಗ ದಂಡೋರ ರಾಜ್ಯ ಧಕ್ಷಿಣ ವಲಯದ ಹನುಮೇಶ, ಮಲ್ಲಾಪುರ ಗ್ರಾಮದ ಅಧ್ಯಕ್ಷರಾದ ಭದ್ರಪ್ಪ ಭಾಗವಹಿಸಿದ್ದರು. ಸಂಚಲನ್ ಡಾ. ಬಿ.ಆರ್. ಅಂಬೇಡ್ಕರ್ ಅವರ ಜೀವನ ಚರಿತ್ರೆ "ಮಹಾನಾಯಕ" ಚಲನಚಿತ್ರ ಪ್ರದರ್ಶನ ಮಾಡಲಾಯಿತು. ಈ ಕಾರ್ಯಕ್ರಮದಲ್ಲಿ ದಲಿತ ಸಂಘರ್ಷ ಸಮಿತಿಯ ಜಿಲ್ಲಾ ಸಂಚಾಲಕರಾದ
ಮರಿಯಪ್ಪ ಕುಂಟೋಜಿ, ವಸಂತಕುಮಾರ್, ನಾಗರಾಜ, ಗಂಗಾವತಿ ತಾಲೂಕ ದಲಿತ ಸಂಘರ್ಷ ಸಮಿತಿಯ ಸಂಚಾಲಕರಾದ ಪರಮಾನಂದ, ವೆಂಕಟೇಶ, ಭೀಮಣ್ಣ, ಕರಿಯಪ್ಪ, ಮಧು, ಭಾಗ್ಯಮ್ಮ, ಆಟೆಪ್ಪ, ಪ್ರಶಾಂತ್, ಪಿ. ಶಾಂತ, ಅಶ್ರೀನ್, ಎ. ರಾಜು, ಅಂಜಿನೇಯ, ದೇವರಾಜ, ರಾಮು, ಸತ್ಯರಾಜ, ಯೇಸೆಪ್ಪ, ಶಿವಣ್ಣ ಅರಳಿಗೌಡ್ರ, ಆದರ್ಶ, ಅಭಿಷೇಕ, ಮಾಜಿ ಗ್ರಾಮ ಪಂಚಾಯತ್ ಸದಸ್ಯರು ಸೇರಿದಂತೆ ಊರಿನ ಗುರು ಹಿರಿಯರು ಮತ್ತು ಮಹಿಳೆಯರು, ಯುವಕರು ಪಾಲ್ಗೊಂಡಿದ್ದರು.
